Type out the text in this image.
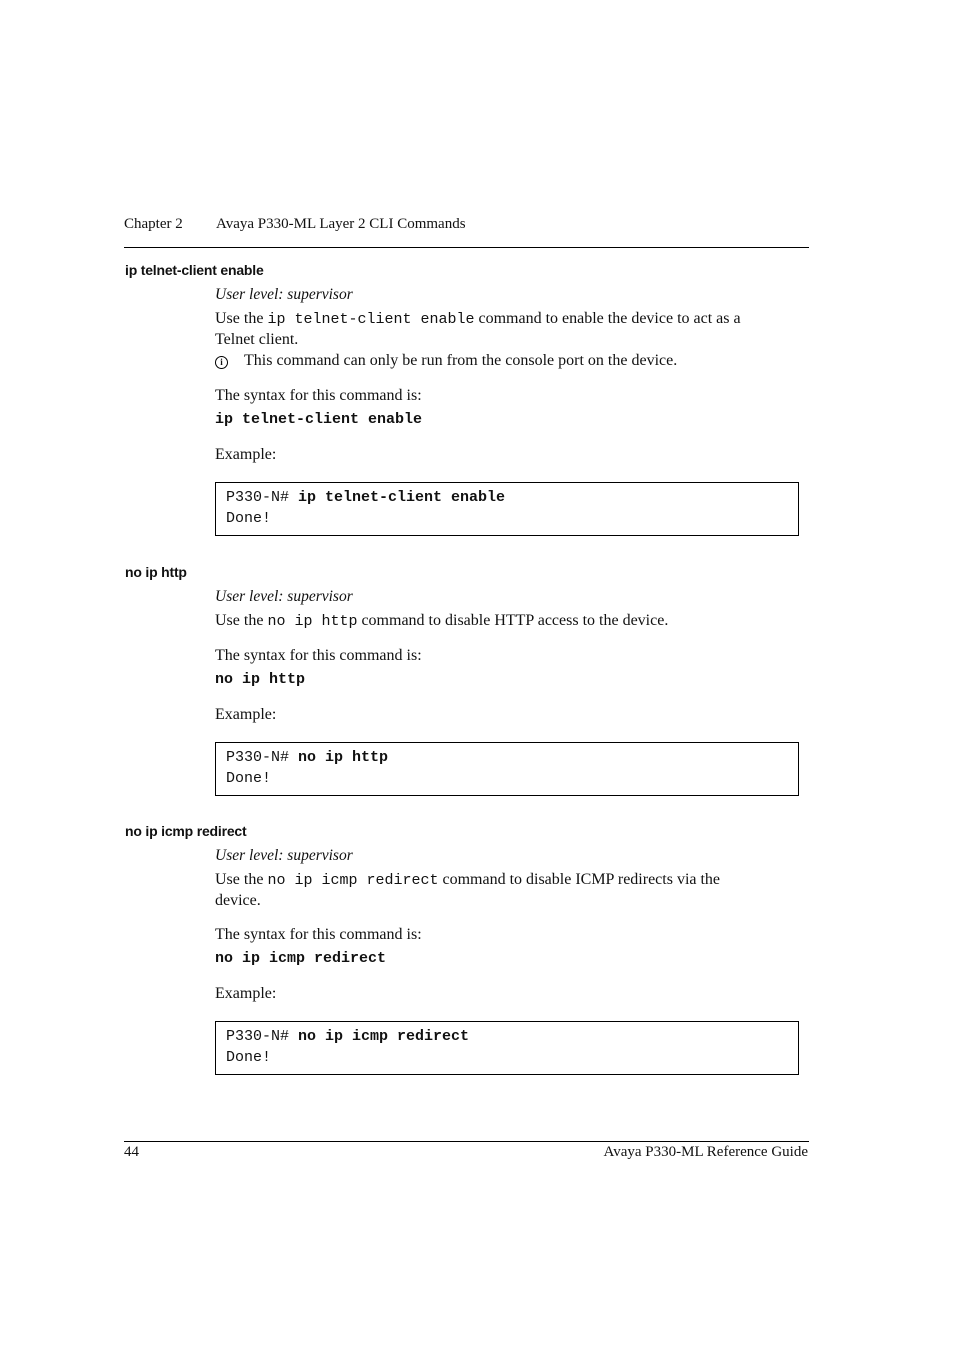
Chapter 2 Avaya P330-ML Layer 2 CLI Commands
ip telnet-client enable
User level: supervisor
Use the ip telnet-client enable command to enable the device to act as a
Telnet client.
i	This command can only be run from the console port on the device.
The syntax for this command is:
ip telnet-client enable
Example:
P330-N# ip telnet-client enable
Done!
no ip http
User level: supervisor
Use the no ip http command to disable HTTP access to the device.
The syntax for this command is:
no ip http
Example:
P330-N# no ip http
Done!
no ip icmp redirect
User level: supervisor
Use the no ip icmp redirect command to disable ICMP redirects via the
device.
The syntax for this command is:
no ip icmp redirect
Example:
P330-N# no ip icmp redirect
Done!
44	Avaya P330-ML Reference Guide
